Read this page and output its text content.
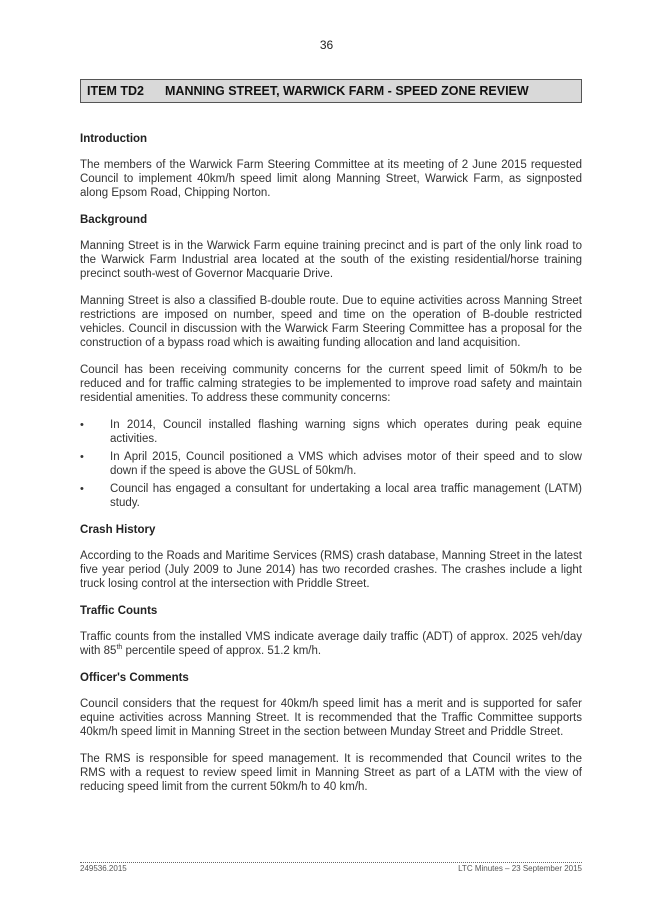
36
ITEM TD2 MANNING STREET, WARWICK FARM - SPEED ZONE REVIEW
Introduction

The members of the Warwick Farm Steering Committee at its meeting of 2 June 2015 requested Council to implement 40km/h speed limit along Manning Street, Warwick Farm, as signposted along Epsom Road, Chipping Norton.

Background

Manning Street is in the Warwick Farm equine training precinct and is part of the only link road to the Warwick Farm Industrial area located at the south of the existing residential/horse training precinct south-west of Governor Macquarie Drive.

Manning Street is also a classified B-double route. Due to equine activities across Manning Street restrictions are imposed on number, speed and time on the operation of B-double restricted vehicles. Council in discussion with the Warwick Farm Steering Committee has a proposal for the construction of a bypass road which is awaiting funding allocation and land acquisition.

Council has been receiving community concerns for the current speed limit of 50km/h to be reduced and for traffic calming strategies to be implemented to improve road safety and maintain residential amenities. To address these community concerns:

• In 2014, Council installed flashing warning signs which operates during peak equine activities.
• In April 2015, Council positioned a VMS which advises motor of their speed and to slow down if the speed is above the GUSL of 50km/h.
• Council has engaged a consultant for undertaking a local area traffic management (LATM) study.
Crash History

According to the Roads and Maritime Services (RMS) crash database, Manning Street in the latest five year period (July 2009 to June 2014) has two recorded crashes. The crashes include a light truck losing control at the intersection with Priddle Street.

Traffic Counts

Traffic counts from the installed VMS indicate average daily traffic (ADT) of approx. 2025 veh/day with 85th percentile speed of approx. 51.2 km/h.

Officer's Comments

Council considers that the request for 40km/h speed limit has a merit and is supported for safer equine activities across Manning Street. It is recommended that the Traffic Committee supports 40km/h speed limit in Manning Street in the section between Munday Street and Priddle Street.

The RMS is responsible for speed management. It is recommended that Council writes to the RMS with a request to review speed limit in Manning Street as part of a LATM with the view of reducing speed limit from the current 50km/h to 40 km/h.

249536.2015	LTC Minutes – 23 September 2015
